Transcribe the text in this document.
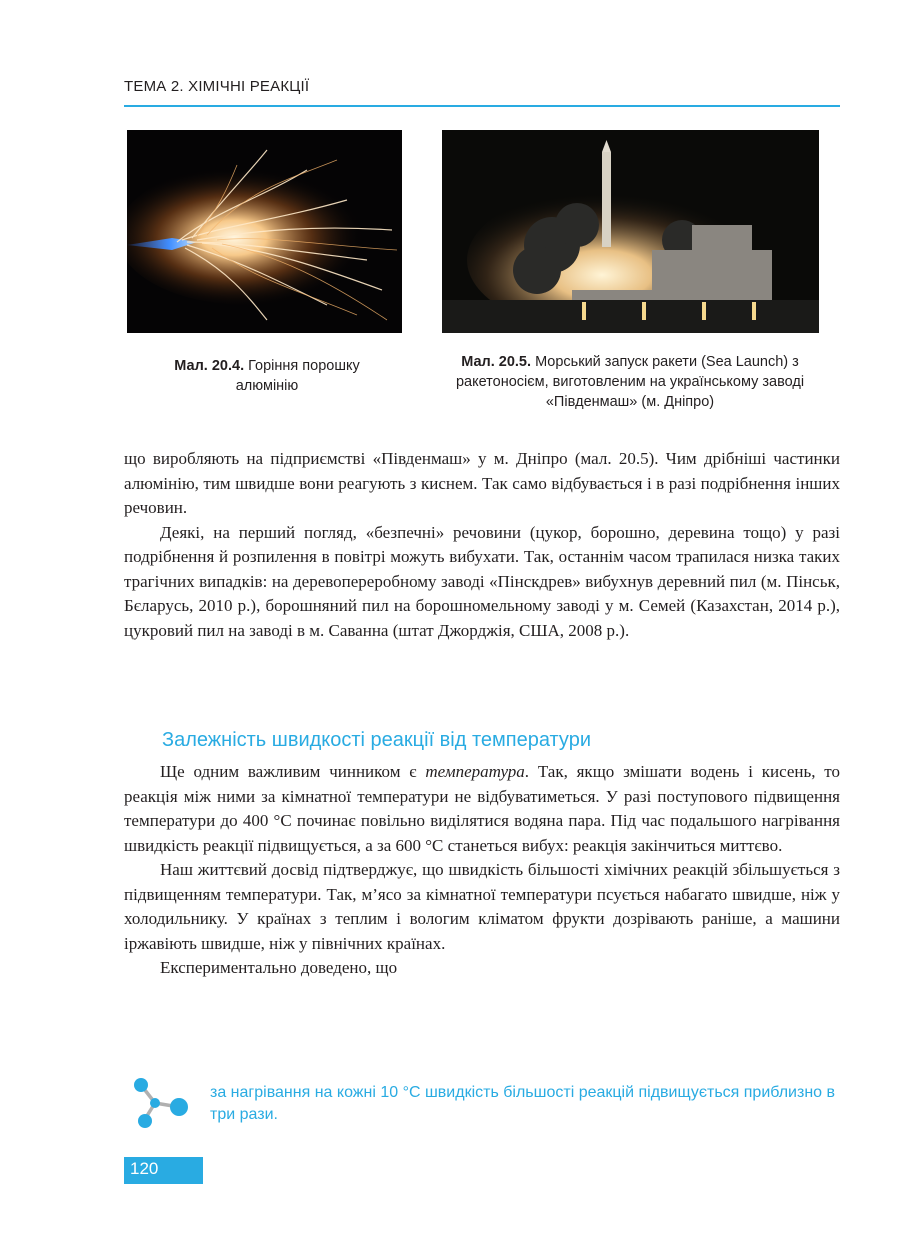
ТЕМА 2. ХІМІЧНІ РЕАКЦІЇ
Мал. 20.4. Горіння порошку алюмінію
Мал. 20.5. Морський запуск ракети (Sea Launch) з ракетоносієм, виготовленим на українському заводі «Південмаш» (м. Дніпро)

що виробляють на підприємстві «Південмаш» у м. Дніпро (мал. 20.5). Чим дрібніші частинки алюмінію, тим швидше вони реагують з киснем. Так само відбувається і в разі подрібнення інших речовин.

Деякі, на перший погляд, «безпечні» речовини (цукор, борошно, деревина тощо) у разі подрібнення й розпилення в повітрі можуть вибухати. Так, останнім часом трапилася низка таких трагічних випадків: на деревопереробному заводі «Пінскдрев» вибухнув деревний пил (м. Пінськ, Бєларусь, 2010 р.), борошняний пил на борошномельному заводі у м. Семей (Казахстан, 2014 р.), цукровий пил на заводі в м. Саванна (штат Джорджія, США, 2008 р.).

Залежність швидкості реакції від температури

Ще одним важливим чинником є температура. Так, якщо змішати водень і кисень, то реакція між ними за кімнатної температури не відбуватиметься. У разі поступового підвищення температури до 400 °C починає повільно виділятися водяна пара. Під час подальшого нагрівання швидкість реакції підвищується, а за 600 °C станеться вибух: реакція закінчиться миттєво.

Наш життєвий досвід підтверджує, що швидкість більшості хімічних реакцій збільшується з підвищенням температури. Так, м’ясо за кімнатної температури псується набагато швидше, ніж у холодильнику. У країнах з теплим і вологим кліматом фрукти дозрівають раніше, а машини іржавіють швидше, ніж у північних країнах.

Експериментально доведено, що

за нагрівання на кожні 10 °C швидкість більшості реакцій підвищується приблизно в три рази.
120
